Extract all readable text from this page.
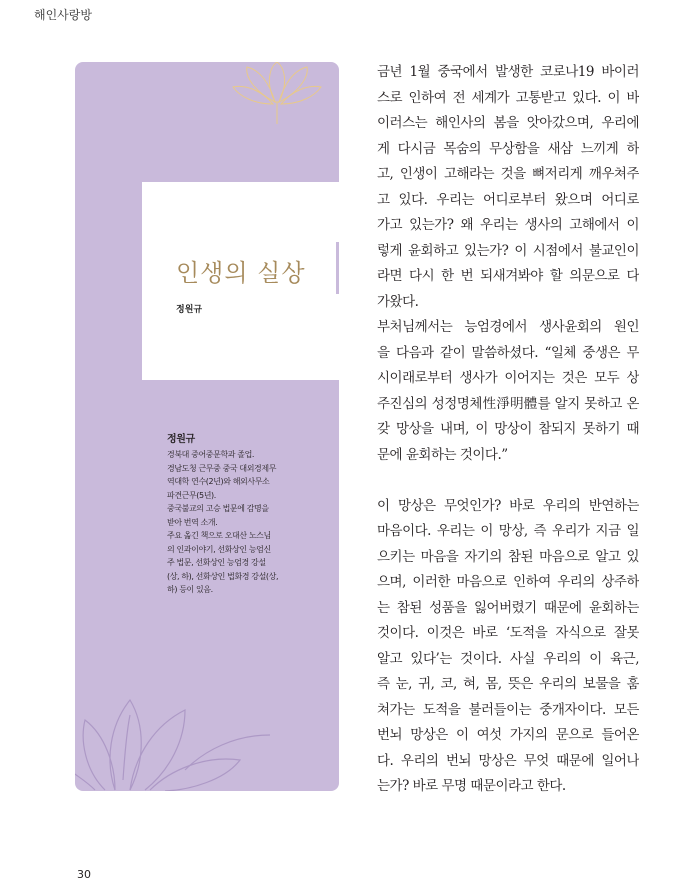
해인사랑방
인생의 실상
정원규
정원규
경북대 중어중문학과 졸업.
경남도청 근무중 중국 대외경제무
역대학 연수(2년)와 해외사무소
파견근무(5년).
중국불교의 고승 법문에 감명을
받아 번역 소개.
주요 옮긴 책으로 오대산 노스님
의 인과이야기, 선화상인 능엄신
주 법문, 선화상인 능엄경 강설
(상, 하), 선화상인 법화경 강설(상,
하) 등이 있음.
금년 1월 중국에서 발생한 코로나19 바이러
스로 인하여 전 세계가 고통받고 있다. 이 바
이러스는 해인사의 봄을 앗아갔으며, 우리에
게 다시금 목숨의 무상함을 새삼 느끼게 하
고, 인생이 고해라는 것을 뼈저리게 깨우쳐주
고 있다. 우리는 어디로부터 왔으며 어디로
가고 있는가? 왜 우리는 생사의 고해에서 이
렇게 윤회하고 있는가? 이 시점에서 불교인이
라면 다시 한 번 되새겨봐야 할 의문으로 다
가왔다.
부처님께서는 능엄경에서 생사윤회의 원인
을 다음과 같이 말씀하셨다. “일체 중생은 무
시이래로부터 생사가 이어지는 것은 모두 상
주진심의 성정명체性淨明體를 알지 못하고 온
갖 망상을 내며, 이 망상이 참되지 못하기 때
문에 윤회하는 것이다.”
이 망상은 무엇인가? 바로 우리의 반연하는
마음이다. 우리는 이 망상, 즉 우리가 지금 일
으키는 마음을 자기의 참된 마음으로 알고 있
으며, 이러한 마음으로 인하여 우리의 상주하
는 참된 성품을 잃어버렸기 때문에 윤회하는
것이다. 이것은 바로 ‘도적을 자식으로 잘못
알고 있다’는 것이다. 사실 우리의 이 육근,
즉 눈, 귀, 코, 혀, 몸, 뜻은 우리의 보물을 훔
쳐가는 도적을 불러들이는 중개자이다. 모든
번뇌 망상은 이 여섯 가지의 문으로 들어온
다. 우리의 번뇌 망상은 무엇 때문에 일어나
는가? 바로 무명 때문이라고 한다.
30
